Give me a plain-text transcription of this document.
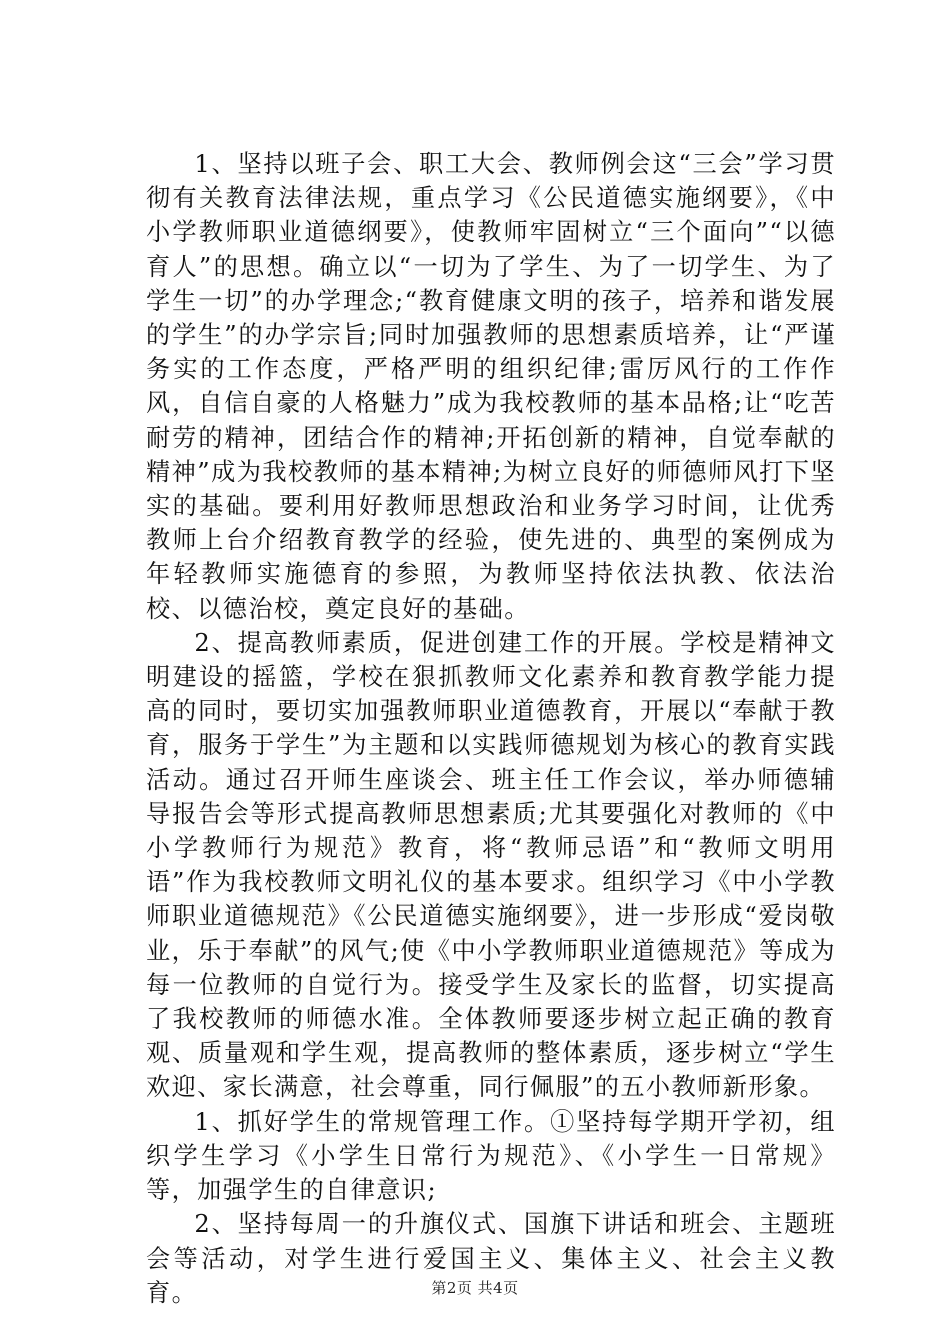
1、坚持以班子会、职工大会、教师例会这“三会”学习贯彻有关教育法律法规，重点学习《公民道德实施纲要》，《中小学教师职业道德纲要》，使教师牢固树立“三个面向”“以德育人”的思想。确立以“一切为了学生、为了一切学生、为了学生一切”的办学理念;“教育健康文明的孩子，培养和谐发展的学生”的办学宗旨;同时加强教师的思想素质培养，让“严谨务实的工作态度，严格严明的组织纪律;雷厉风行的工作作风，自信自豪的人格魅力”成为我校教师的基本品格;让“吃苦耐劳的精神，团结合作的精神;开拓创新的精神，自觉奉献的精神”成为我校教师的基本精神;为树立良好的师德师风打下坚实的基础。要利用好教师思想政治和业务学习时间，让优秀教师上台介绍教育教学的经验，使先进的、典型的案例成为年轻教师实施德育的参照，为教师坚持依法执教、依法治校、以德治校，奠定良好的基础。

2、提高教师素质，促进创建工作的开展。学校是精神文明建设的摇篮，学校在狠抓教师文化素养和教育教学能力提高的同时，要切实加强教师职业道德教育，开展以“奉献于教育，服务于学生”为主题和以实践师德规划为核心的教育实践活动。通过召开师生座谈会、班主任工作会议，举办师德辅导报告会等形式提高教师思想素质;尤其要强化对教师的《中小学教师行为规范》教育，将“教师忌语”和“教师文明用语”作为我校教师文明礼仪的基本要求。组织学习《中小学教师职业道德规范》《公民道德实施纲要》，进一步形成“爱岗敬业，乐于奉献”的风气;使《中小学教师职业道德规范》等成为每一位教师的自觉行为。接受学生及家长的监督，切实提高了我校教师的师德水准。全体教师要逐步树立起正确的教育观、质量观和学生观，提高教师的整体素质，逐步树立“学生欢迎、家长满意，社会尊重，同行佩服”的五小教师新形象。

1、抓好学生的常规管理工作。①坚持每学期开学初，组织学生学习《小学生日常行为规范》、《小学生一日常规》等，加强学生的自律意识;

2、坚持每周一的升旗仪式、国旗下讲话和班会、主题班会等活动，对学生进行爱国主义、集体主义、社会主义教育。	第2页 共4页
